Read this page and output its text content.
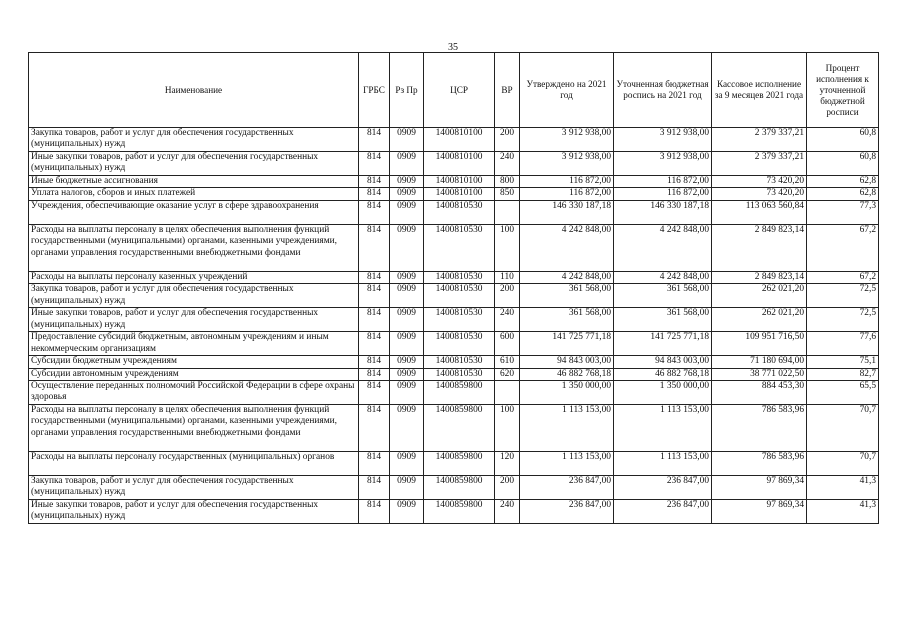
35
Наименование	ГРБС	Рз Пр	ЦСР	ВР	Утверждено на 2021 год	Уточненная бюджетная роспись на 2021 год	Кассовое исполнение за 9 месяцев 2021 года	Процент исполнения к уточненной бюджетной росписи
Закупка товаров, работ и услуг для обеспечения государственных (муниципальных) нужд	814	0909	1400810100	200	3 912 938,00	3 912 938,00	2 379 337,21	60,8
Иные закупки товаров, работ и услуг для обеспечения государственных (муниципальных) нужд	814	0909	1400810100	240	3 912 938,00	3 912 938,00	2 379 337,21	60,8
Иные бюджетные ассигнования	814	0909	1400810100	800	116 872,00	116 872,00	73 420,20	62,8
Уплата налогов, сборов и иных платежей	814	0909	1400810100	850	116 872,00	116 872,00	73 420,20	62,8
Учреждения, обеспечивающие оказание услуг в сфере здравоохранения	814	0909	1400810530		146 330 187,18	146 330 187,18	113 063 560,84	77,3
Расходы на выплаты персоналу в целях обеспечения выполнения функций государственными (муниципальными) органами, казенными учреждениями, органами управления государственными внебюджетными фондами	814	0909	1400810530	100	4 242 848,00	4 242 848,00	2 849 823,14	67,2
Расходы на выплаты персоналу казенных учреждений	814	0909	1400810530	110	4 242 848,00	4 242 848,00	2 849 823,14	67,2
Закупка товаров, работ и услуг для обеспечения государственных (муниципальных) нужд	814	0909	1400810530	200	361 568,00	361 568,00	262 021,20	72,5
Иные закупки товаров, работ и услуг для обеспечения государственных (муниципальных) нужд	814	0909	1400810530	240	361 568,00	361 568,00	262 021,20	72,5
Предоставление субсидий бюджетным, автономным учреждениям и иным некоммерческим организациям	814	0909	1400810530	600	141 725 771,18	141 725 771,18	109 951 716,50	77,6
Субсидии бюджетным учреждениям	814	0909	1400810530	610	94 843 003,00	94 843 003,00	71 180 694,00	75,1
Субсидии автономным учреждениям	814	0909	1400810530	620	46 882 768,18	46 882 768,18	38 771 022,50	82,7
Осуществление переданных полномочий Российской Федерации в сфере охраны здоровья	814	0909	1400859800		1 350 000,00	1 350 000,00	884 453,30	65,5
Расходы на выплаты персоналу в целях обеспечения выполнения функций государственными (муниципальными) органами, казенными учреждениями, органами управления государственными внебюджетными фондами	814	0909	1400859800	100	1 113 153,00	1 113 153,00	786 583,96	70,7
Расходы на выплаты персоналу государственных (муниципальных) органов	814	0909	1400859800	120	1 113 153,00	1 113 153,00	786 583,96	70,7
Закупка товаров, работ и услуг для обеспечения государственных (муниципальных) нужд	814	0909	1400859800	200	236 847,00	236 847,00	97 869,34	41,3
Иные закупки товаров, работ и услуг для обеспечения государственных (муниципальных) нужд	814	0909	1400859800	240	236 847,00	236 847,00	97 869,34	41,3
